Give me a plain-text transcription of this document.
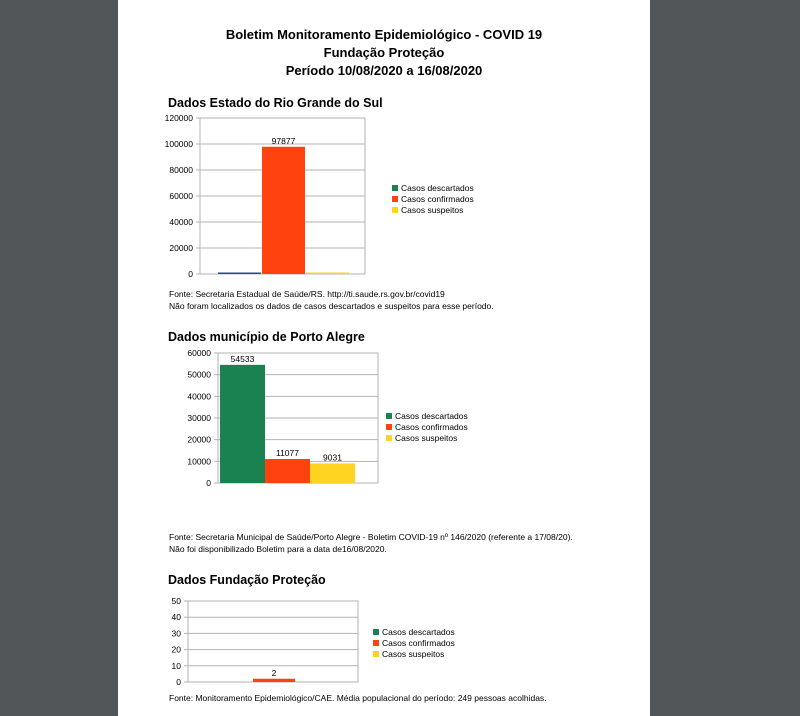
Boletim Monitoramento Epidemiológico - COVID 19
Fundação Proteção
Período 10/08/2020 a 16/08/2020
Dados Estado do Rio Grande do Sul
0
20000
40000
60000
80000
100000
120000
97877
Casos descartados
Casos confirmados
Casos suspeitos
Fonte: Secretaria Estadual de Saúde/RS. http://ti.saude.rs.gov.br/covid19
Não foram localizados os dados de casos descartados e suspeitos para esse período.
Dados município de Porto Alegre
0
10000
20000
30000
40000
50000
60000
54533
11077	9031
Casos descartados
Casos confirmados
Casos suspeitos
Fonte: Secretaria Municipal de Saúde/Porto Alegre - Boletim COVID-19 nº 146/2020 (referente a 17/08/20).
Não foi disponibilizado Boletim para a data de16/08/2020.
Dados Fundação Proteção
0
10
20
30
40
50
2
Casos descartados
Casos confirmados
Casos suspeitos
Fonte: Monitoramento Epidemiológico/CAE. Média populacional do período: 249 pessoas acolhidas.
